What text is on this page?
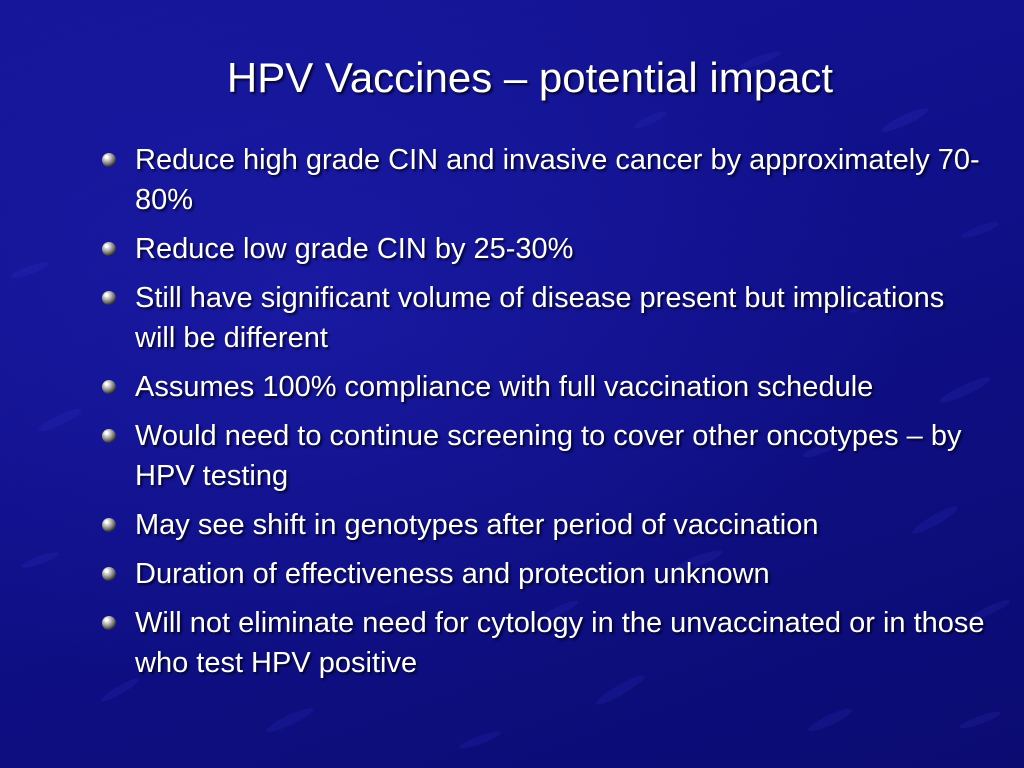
HPV Vaccines – potential impact
Reduce high grade CIN and invasive cancer by approximately 70-80%
Reduce low grade CIN by 25-30%
Still have significant volume of disease present but implications will be different
Assumes 100% compliance with full vaccination schedule
Would need to continue screening to cover other oncotypes – by HPV testing
May see shift in genotypes after period of vaccination
Duration of effectiveness and protection unknown
Will not eliminate need for cytology in the unvaccinated or in those who test HPV positive
